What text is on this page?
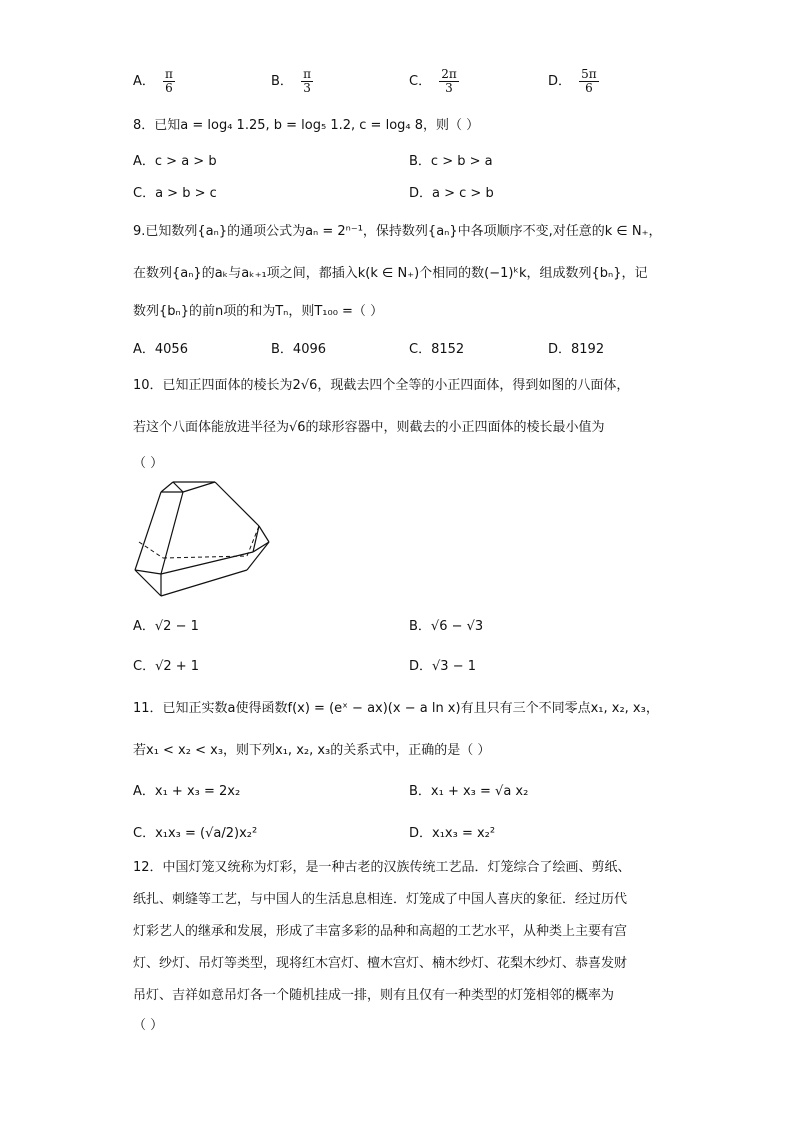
A． $\frac{\pi}{6}$	B． $\frac{\pi}{3}$	C． $\frac{2\pi}{3}$	D． $\frac{5\pi}{6}$
8．已知a = log₄ 1.25, b = log₅ 1.2, c = log₄ 8，则（ ）
A．c > a > b	B．c > b > a
C．a > b > c	D．a > c > b
9.已知数列{aₙ}的通项公式为aₙ = 2ⁿ⁻¹，保持数列{aₙ}中各项顺序不变,对任意的k ∈ N₊，
在数列{aₙ}的aₖ与aₖ₊₁项之间，都插入k(k ∈ N₊)个相同的数(−1)ᵏk，组成数列{bₙ}，记
数列{bₙ}的前n项的和为Tₙ，则T₁₀₀ =（ ）
A．4056	B．4096	C．8152	D．8192
10．已知正四面体的棱长为2√6，现截去四个全等的小正四面体，得到如图的八面体，
若这个八面体能放进半径为√6的球形容器中，则截去的小正四面体的棱长最小值为
（ ）
A．√2 − 1	B．√6 − √3
C．√2 + 1	D．√3 − 1
11．已知正实数a使得函数f(x) = (eˣ − ax)(x − a ln x)有且只有三个不同零点x₁, x₂, x₃，
若x₁ < x₂ < x₃，则下列x₁, x₂, x₃的关系式中，正确的是（ ）
A．x₁ + x₃ = 2x₂	B．x₁ + x₃ = √a x₂
C．x₁x₃ = (√a/2)x₂²	D．x₁x₃ = x₂²
12．中国灯笼又统称为灯彩，是一种古老的汉族传统工艺品．灯笼综合了绘画、剪纸、
纸扎、刺缝等工艺，与中国人的生活息息相连．灯笼成了中国人喜庆的象征．经过历代
灯彩艺人的继承和发展，形成了丰富多彩的品种和高超的工艺水平，从种类上主要有宫
灯、纱灯、吊灯等类型，现将红木宫灯、檀木宫灯、楠木纱灯、花梨木纱灯、恭喜发财
吊灯、吉祥如意吊灯各一个随机挂成一排，则有且仅有一种类型的灯笼相邻的概率为
（ ）
